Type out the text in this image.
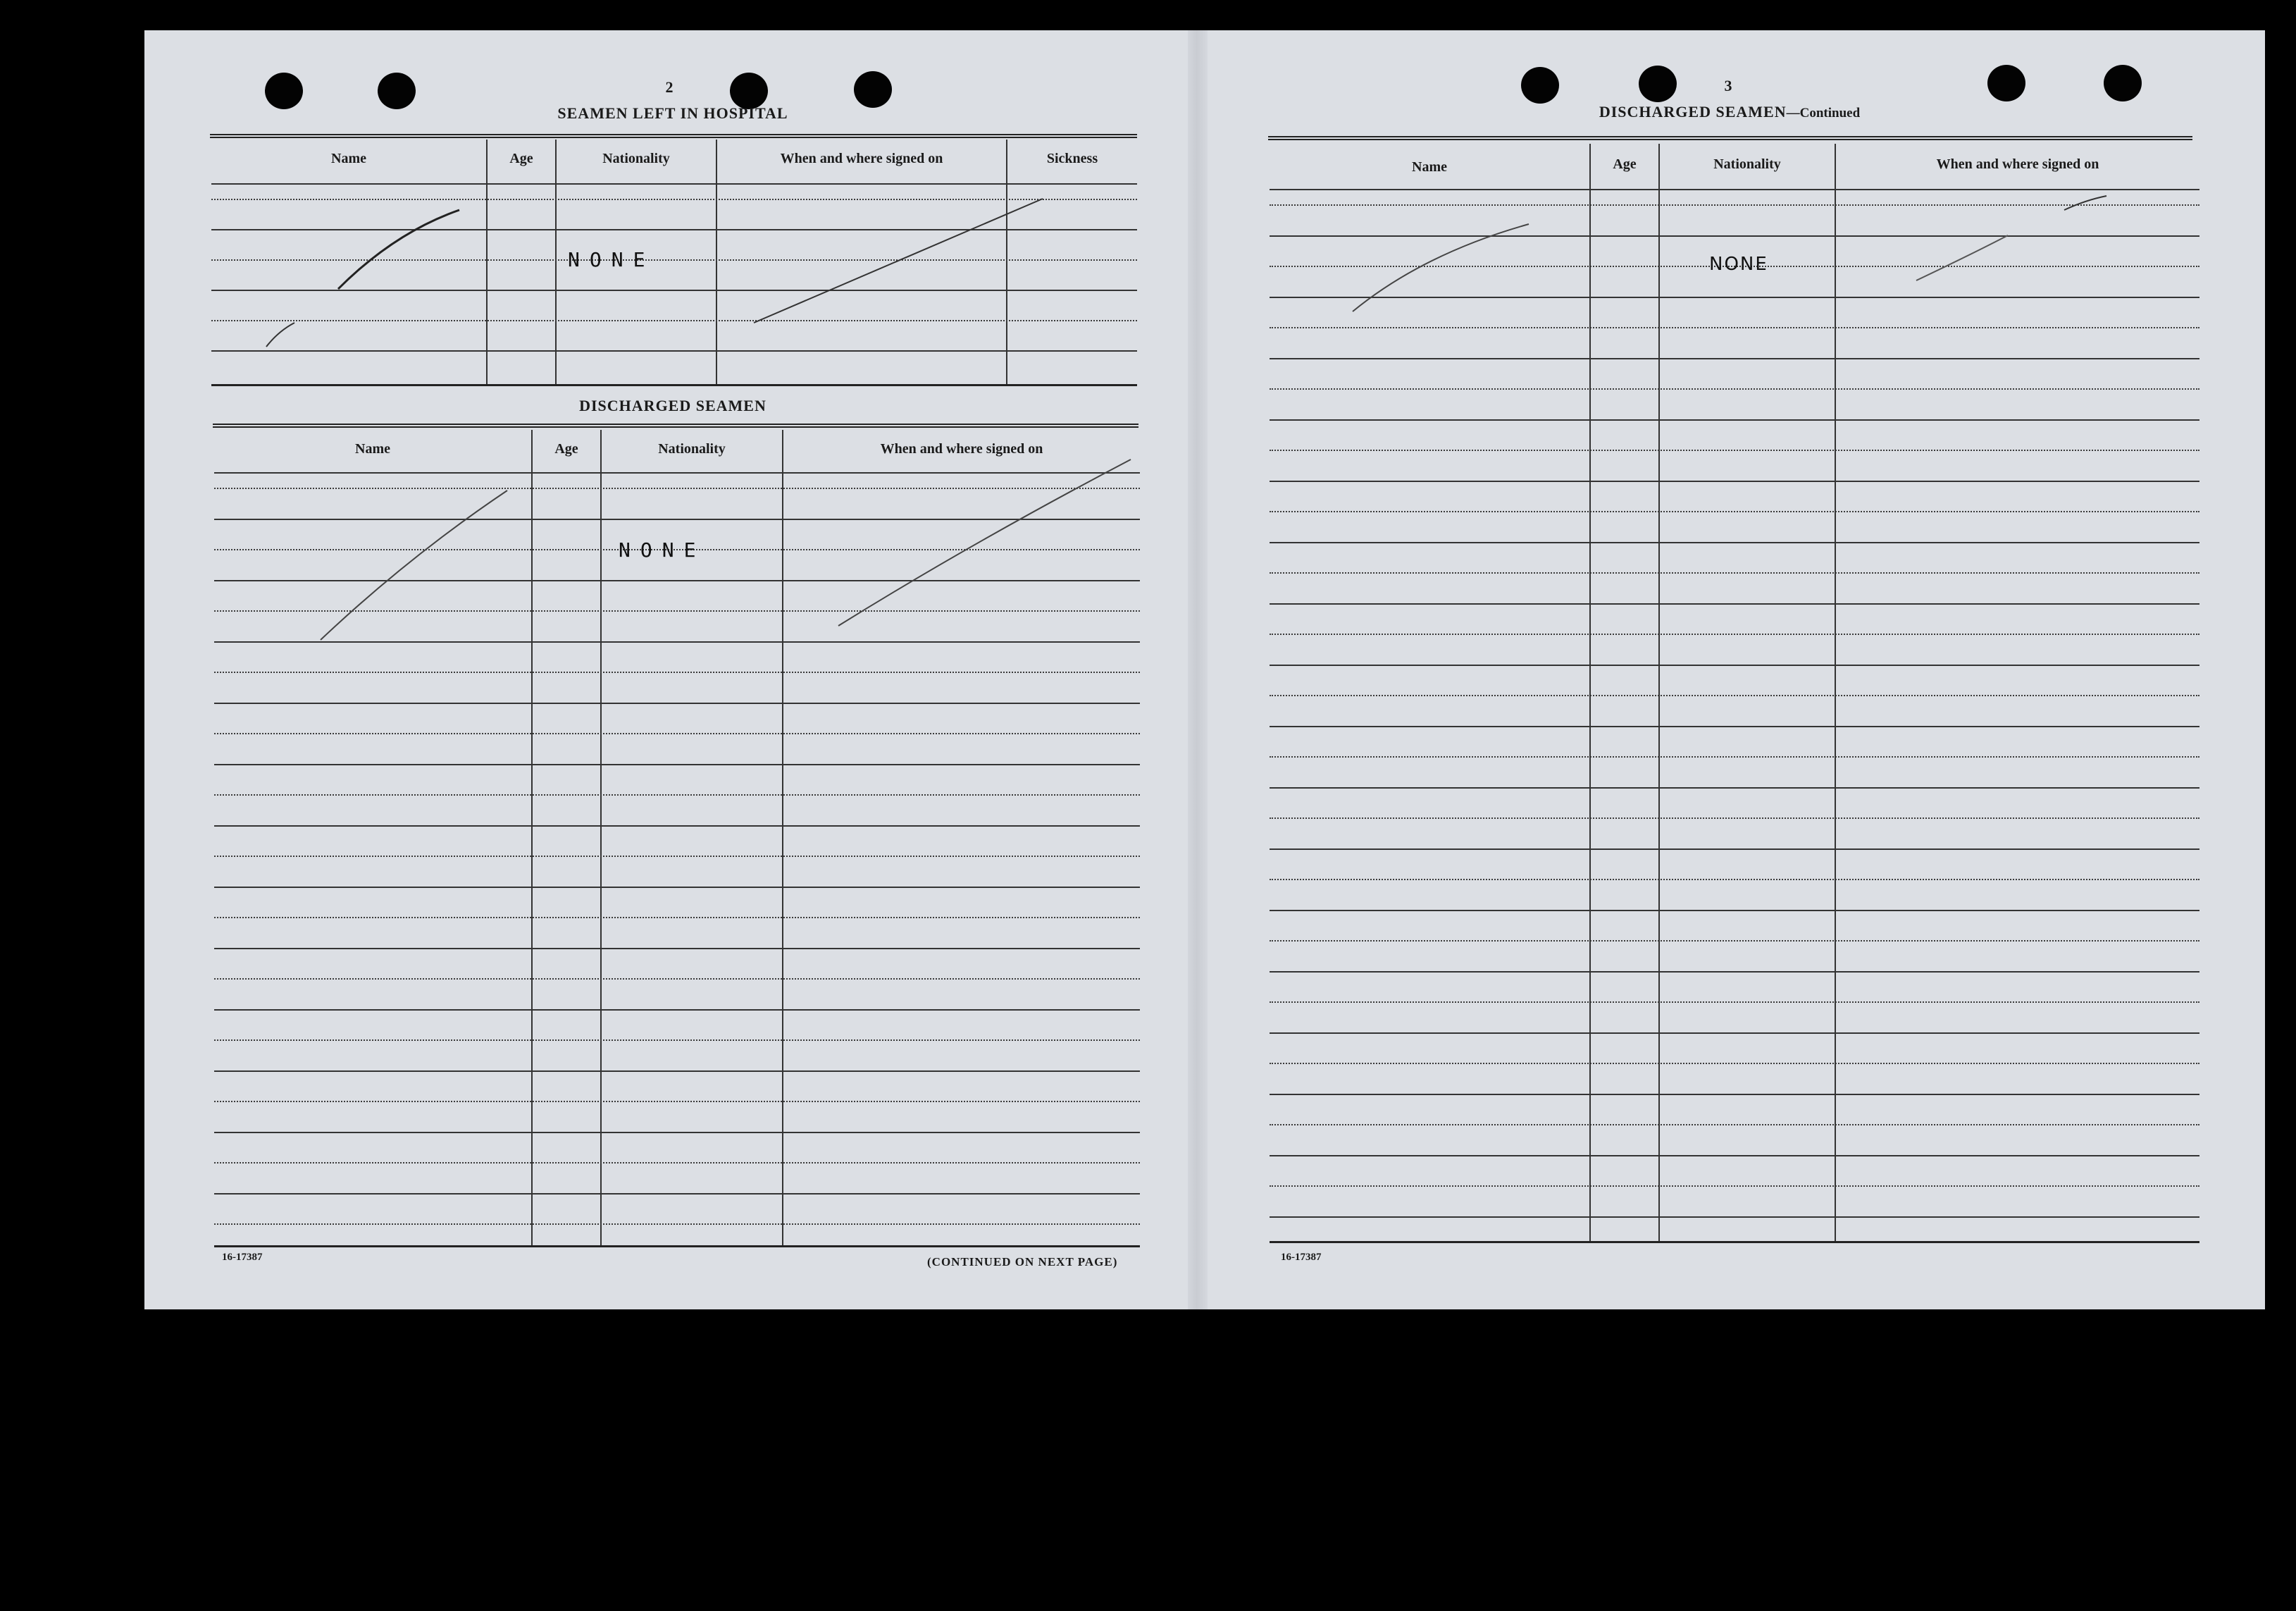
2
SEAMEN LEFT IN HOSPITAL
Name	Age	Nationality	When and where signed on	Sickness
NONE
DISCHARGED SEAMEN
Name	Age	Nationality	When and where signed on
NONE
16-17387	(CONTINUED ON NEXT PAGE)
3
DISCHARGED SEAMEN—Continued
Name	Age	Nationality	When and where signed on
NONE
16-17387
